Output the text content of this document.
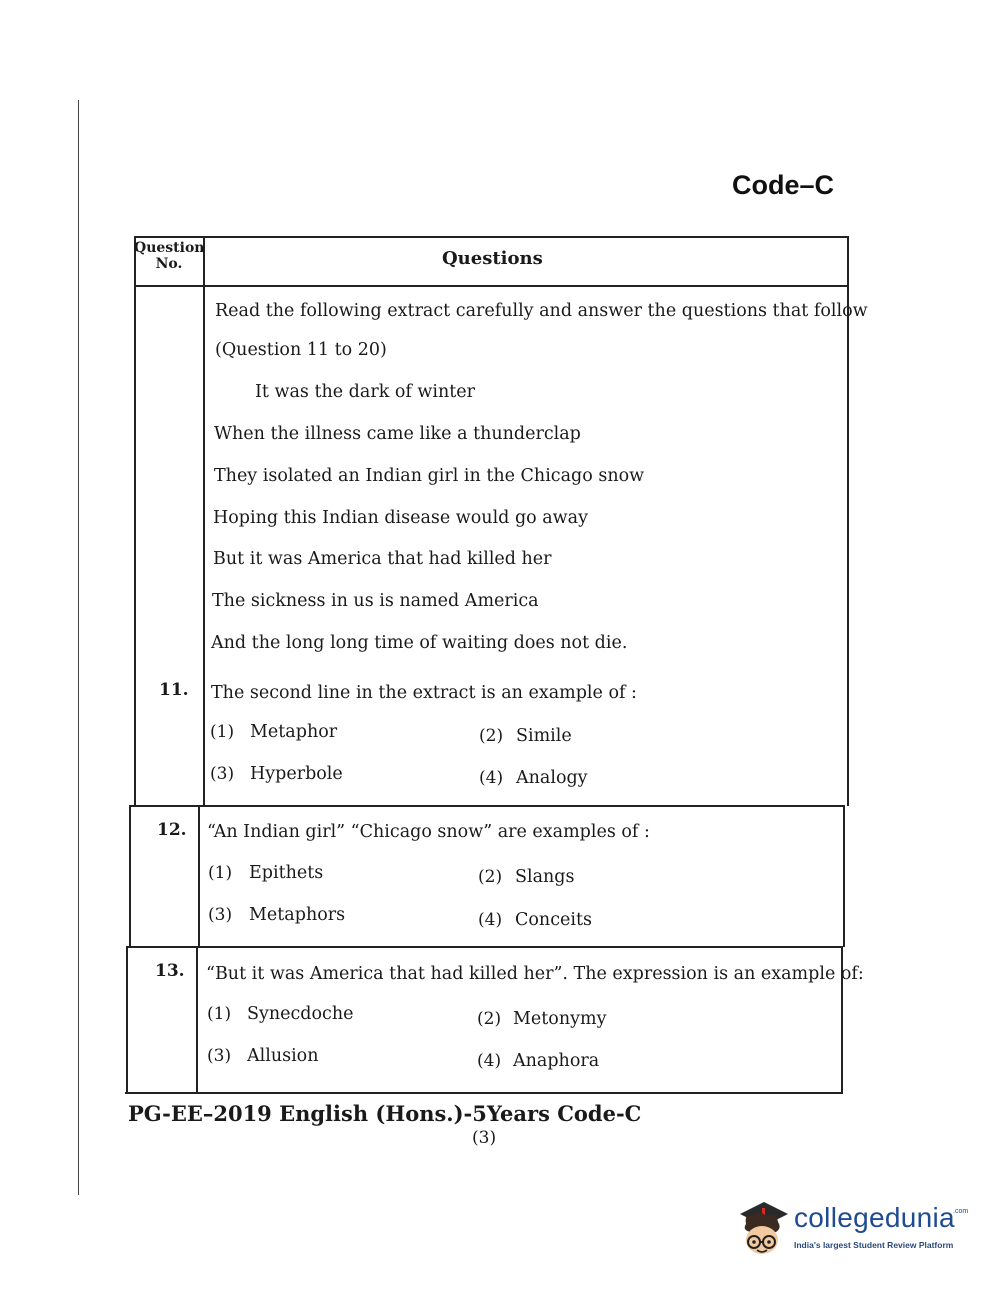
Code–C
Question No.	Questions
Read the following extract carefully and answer the questions that follow
(Question 11 to 20)
It was the dark of winter
When the illness came like a thunderclap
They isolated an Indian girl in the Chicago snow
Hoping this Indian disease would go away
But it was America that had killed her
The sickness in us is named America
And the long long time of waiting does not die.
11. The second line in the extract is an example of :
(1) Metaphor	(2) Simile
(3) Hyperbole	(4) Analogy
12. “An Indian girl” “Chicago snow” are examples of :
(1) Epithets	(2) Slangs
(3) Metaphors	(4) Conceits
13. “But it was America that had killed her”. The expression is an example of:
(1) Synecdoche	(2) Metonymy
(3) Allusion	(4) Anaphora
PG-EE–2019 English (Hons.)-5Years Code-C
(3)
collegedunia
.com
India's largest Student Review Platform
